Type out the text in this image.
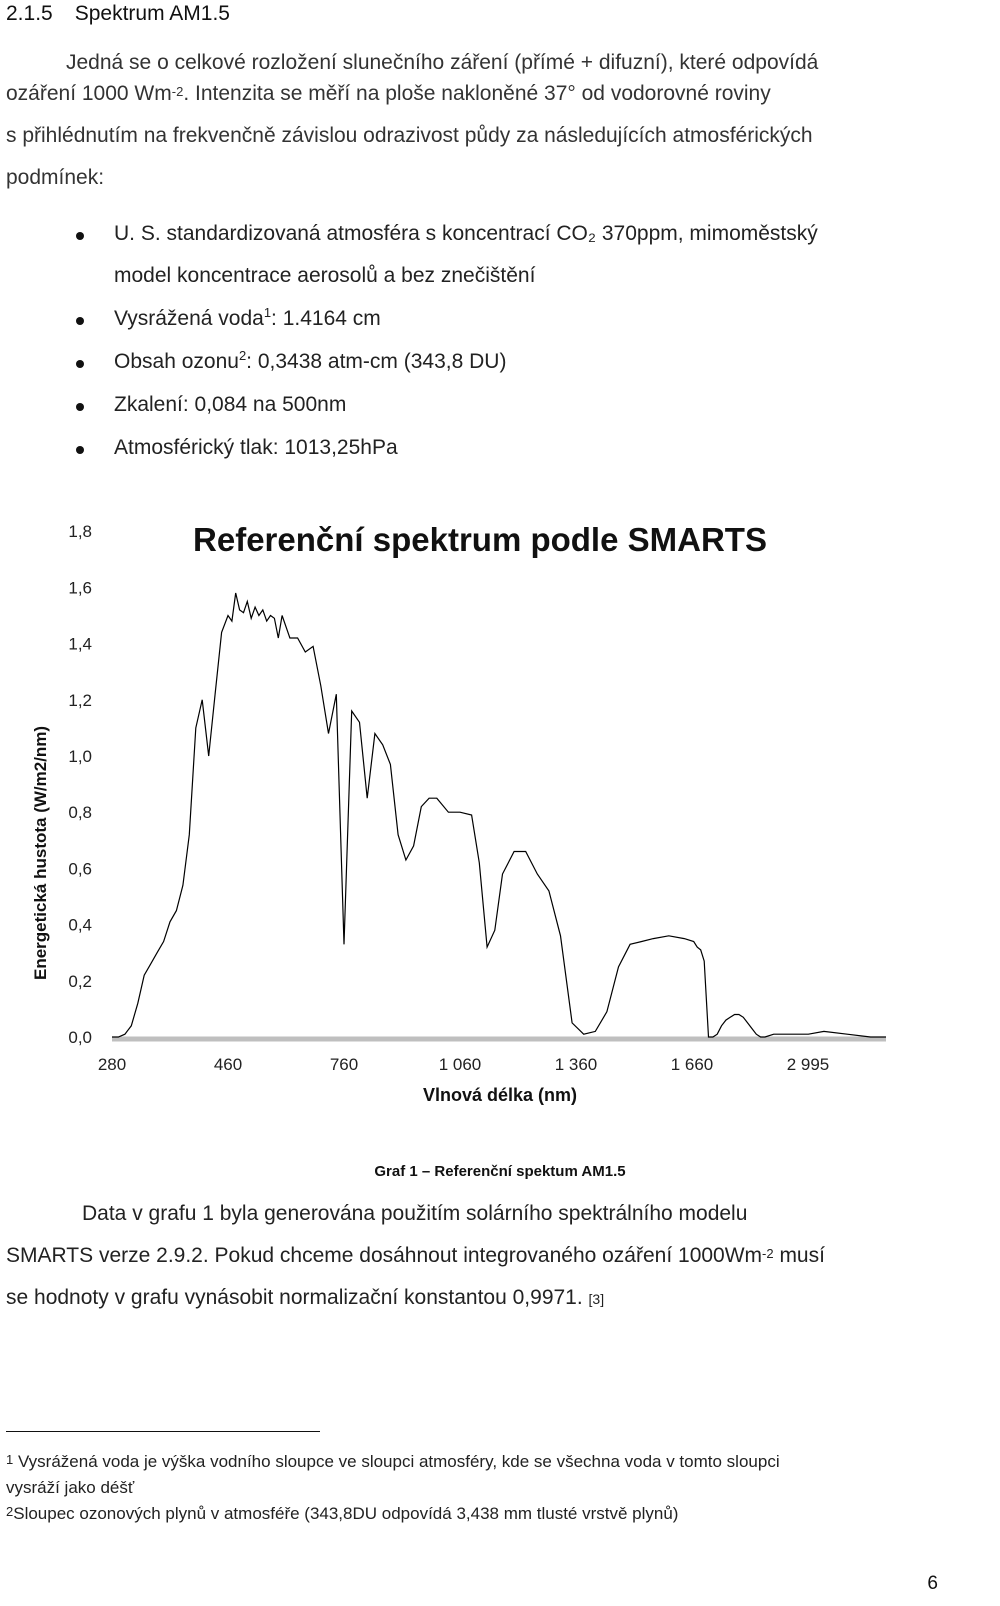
2.1.5 Spektrum AM1.5
Jedná se o celkové rozložení slunečního záření (přímé + difuzní), které odpovídá
ozáření 1000 $Wm^{-2}$. Intenzita se měří na ploše nakloněné 37° od vodorovné roviny
s přihlédnutím na frekvenčně závislou odrazivost půdy za následujících atmosférických
podmínek:
U. S. standardizovaná atmosféra s koncentrací CO₂ 370ppm, mimoměstský
model koncentrace aerosolů a bez znečištění
Vysrážená voda$^1$: 1.4164 cm
Obsah ozonu$^2$: 0,3438 atm-cm (343,8 DU)
Zkalení: 0,084 na 500nm
Atmosférický tlak: 1013,25hPa
Referenční spektrum podle SMARTS
0,0
0,2
0,4
0,6
0,8
1,0
1,2
1,4
1,6
1,8
280	460	760	1 060	1 360	1 660	2 995
Energetická hustota (W/m2/nm)
Vlnová délka (nm)
Graf 1 – Referenční spektum AM1.5
Data v grafu 1 byla generována použitím solárního spektrálního modelu
SMARTS verze 2.9.2. Pokud chceme dosáhnout integrovaného ozáření $1000Wm^{-2}$ musí
se hodnoty v grafu vynásobit normalizační konstantou 0,9971. [3]
$^1$ Vysrážená voda je výška vodního sloupce ve sloupci atmosféry, kde se všechna voda v tomto sloupci
vysráží jako déšť
$^2$Sloupec ozonových plynů v atmosféře (343,8DU odpovídá 3,438 mm tlusté vrstvě plynů)
6
